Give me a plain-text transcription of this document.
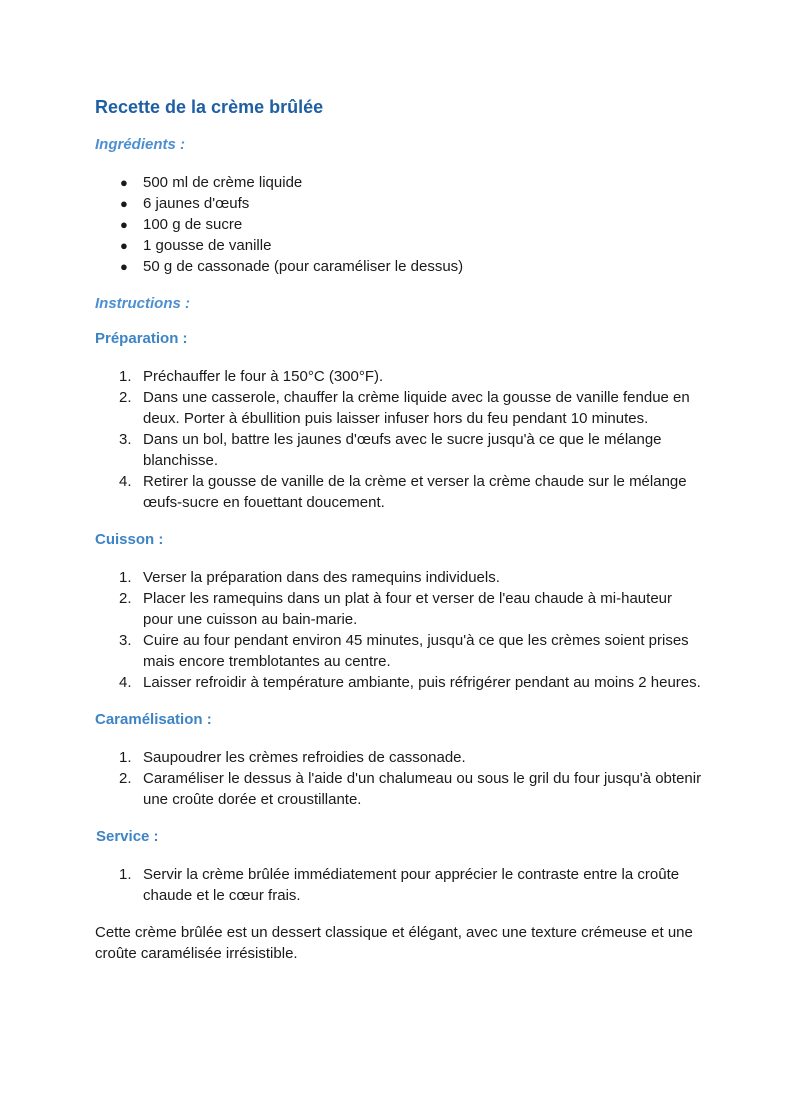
Recette de la crème brûlée
Ingrédients :
● 500 ml de crème liquide
● 6 jaunes d'œufs
● 100 g de sucre
● 1 gousse de vanille
● 50 g de cassonade (pour caraméliser le dessus)
Instructions :
Préparation :
1. Préchauffer le four à 150°C (300°F).
2. Dans une casserole, chauffer la crème liquide avec la gousse de vanille fendue en deux. Porter à ébullition puis laisser infuser hors du feu pendant 10 minutes.
3. Dans un bol, battre les jaunes d'œufs avec le sucre jusqu'à ce que le mélange blanchisse.
4. Retirer la gousse de vanille de la crème et verser la crème chaude sur le mélange œufs-sucre en fouettant doucement.
Cuisson :
1. Verser la préparation dans des ramequins individuels.
2. Placer les ramequins dans un plat à four et verser de l'eau chaude à mi-hauteur pour une cuisson au bain-marie.
3. Cuire au four pendant environ 45 minutes, jusqu'à ce que les crèmes soient prises mais encore tremblotantes au centre.
4. Laisser refroidir à température ambiante, puis réfrigérer pendant au moins 2 heures.
Caramélisation :
1. Saupoudrer les crèmes refroidies de cassonade.
2. Caraméliser le dessus à l'aide d'un chalumeau ou sous le gril du four jusqu'à obtenir une croûte dorée et croustillante.
Service :
1. Servir la crème brûlée immédiatement pour apprécier le contraste entre la croûte chaude et le cœur frais.

Cette crème brûlée est un dessert classique et élégant, avec une texture crémeuse et une croûte caramélisée irrésistible.
